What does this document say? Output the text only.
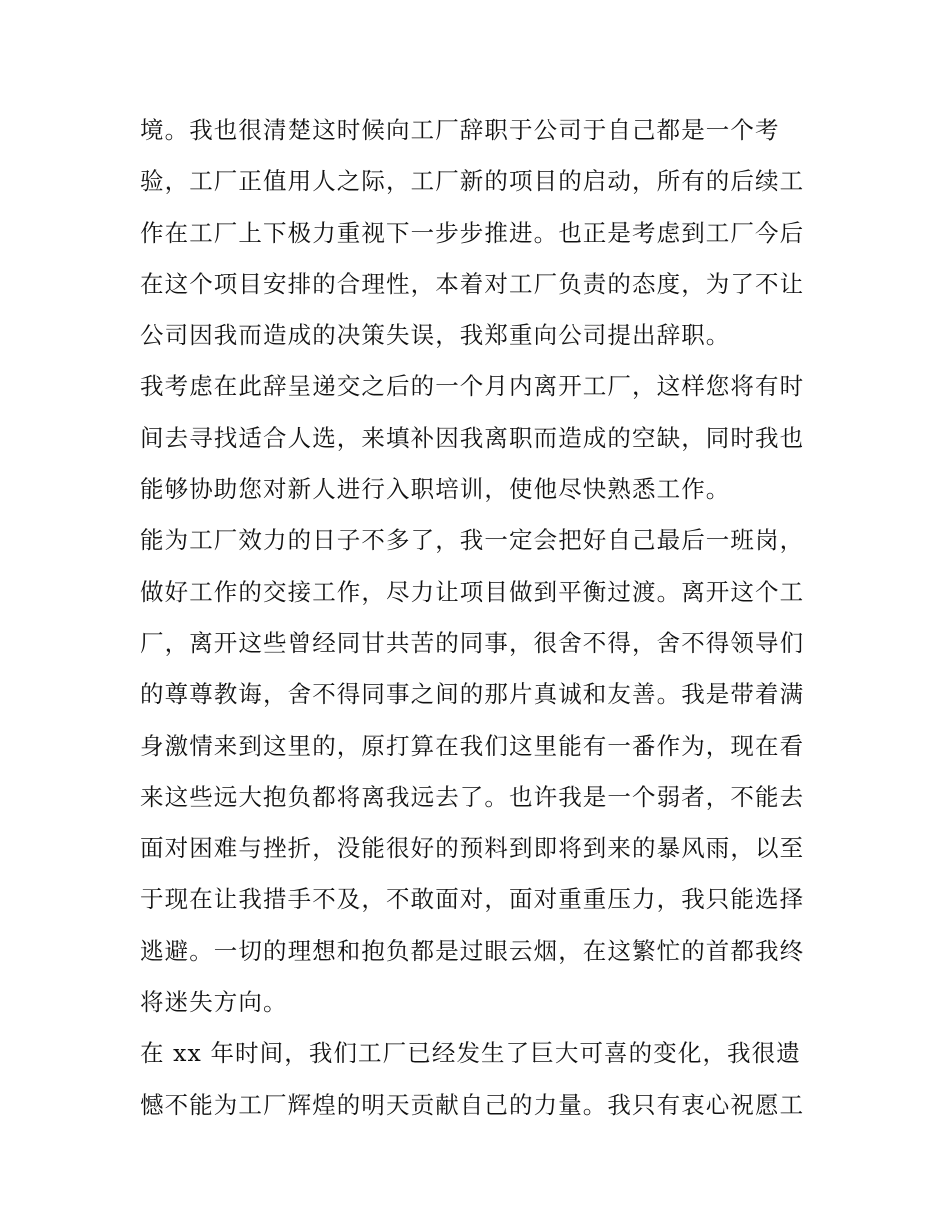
境。我也很清楚这时候向工厂辞职于公司于自己都是一个考
验，工厂正值用人之际，工厂新的项目的启动，所有的后续工
作在工厂上下极力重视下一步步推进。也正是考虑到工厂今后
在这个项目安排的合理性，本着对工厂负责的态度，为了不让
公司因我而造成的决策失误，我郑重向公司提出辞职。
我考虑在此辞呈递交之后的一个月内离开工厂，这样您将有时
间去寻找适合人选，来填补因我离职而造成的空缺，同时我也
能够协助您对新人进行入职培训，使他尽快熟悉工作。
能为工厂效力的日子不多了，我一定会把好自己最后一班岗，
做好工作的交接工作，尽力让项目做到平衡过渡。离开这个工
厂，离开这些曾经同甘共苦的同事，很舍不得，舍不得领导们
的尊尊教诲，舍不得同事之间的那片真诚和友善。我是带着满
身激情来到这里的，原打算在我们这里能有一番作为，现在看
来这些远大抱负都将离我远去了。也许我是一个弱者，不能去
面对困难与挫折，没能很好的预料到即将到来的暴风雨，以至
于现在让我措手不及，不敢面对，面对重重压力，我只能选择
逃避。一切的理想和抱负都是过眼云烟，在这繁忙的首都我终
将迷失方向。
在 xx 年时间，我们工厂已经发生了巨大可喜的变化，我很遗
憾不能为工厂辉煌的明天贡献自己的力量。我只有衷心祝愿工
